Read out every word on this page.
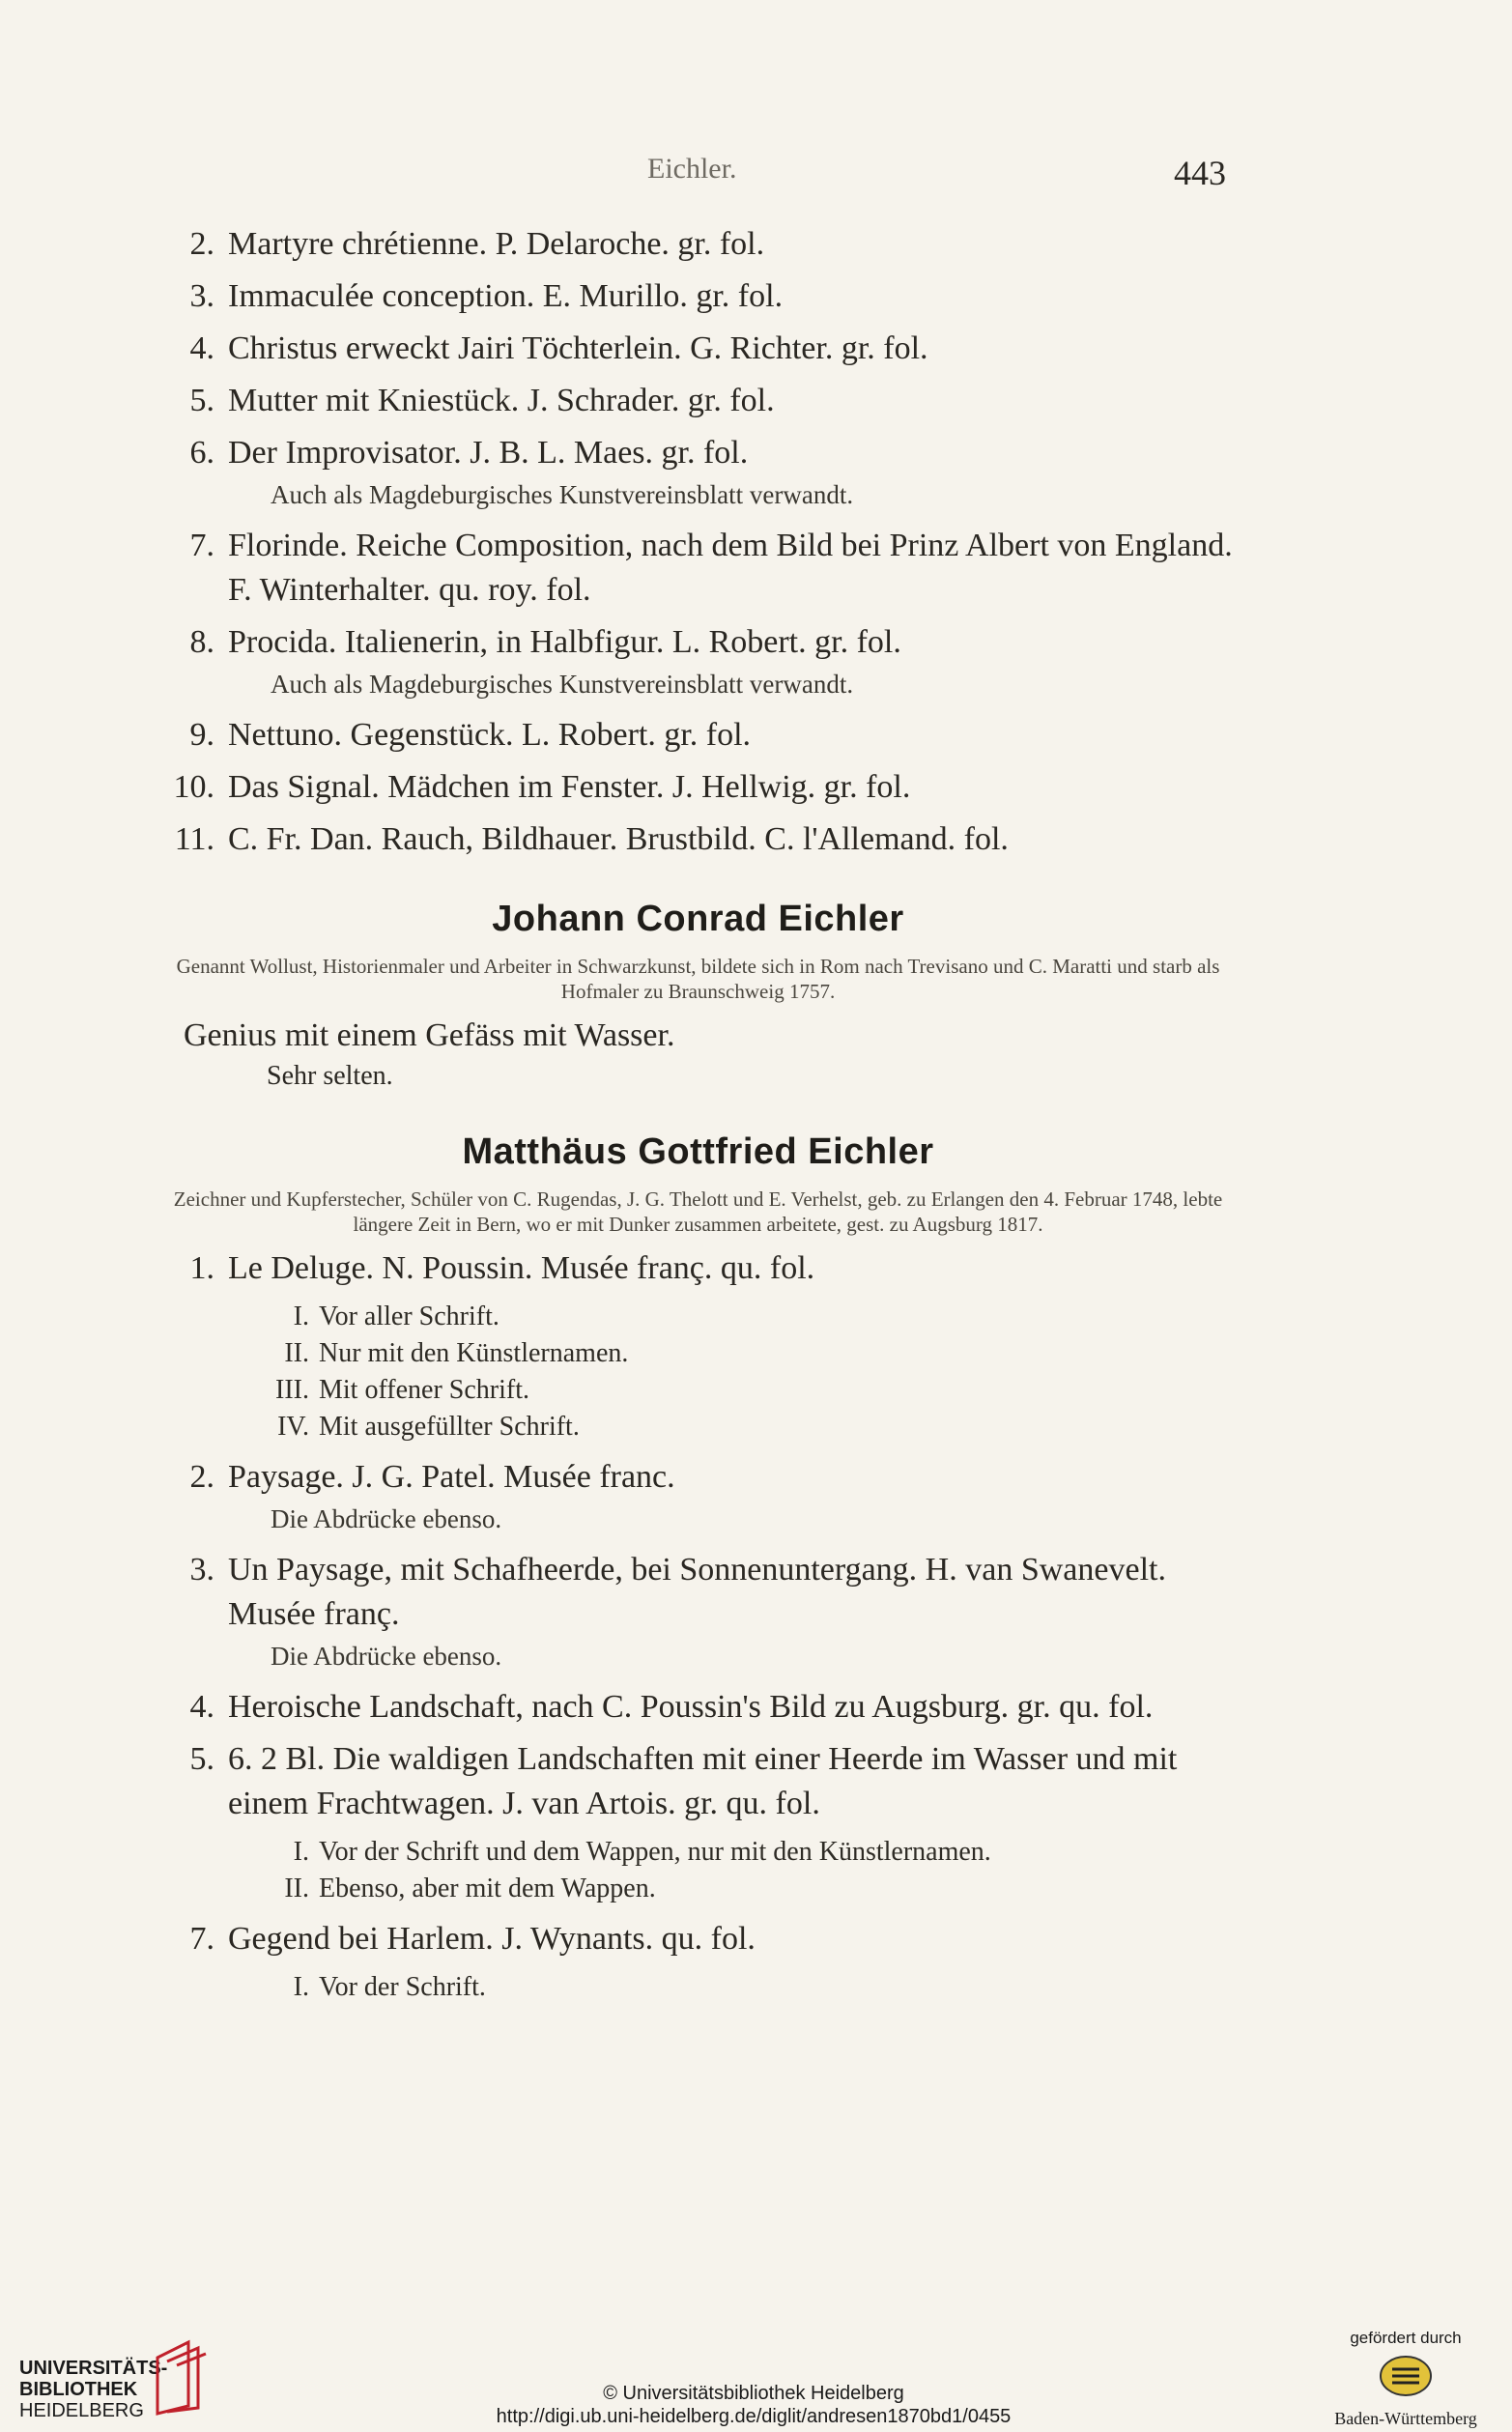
Eichler.	443
2. Martyre chrétienne. P. Delaroche. gr. fol.
3. Immaculée conception. E. Murillo. gr. fol.
4. Christus erweckt Jairi Töchterlein. G. Richter. gr. fol.
5. Mutter mit Kniestück. J. Schrader. gr. fol.
6. Der Improvisator. J. B. L. Maes. gr. fol.
Auch als Magdeburgisches Kunstvereinsblatt verwandt.
7. Florinde. Reiche Composition, nach dem Bild bei Prinz Albert von England. F. Winterhalter. qu. roy. fol.
8. Procida. Italienerin, in Halbfigur. L. Robert. gr. fol.
Auch als Magdeburgisches Kunstvereinsblatt verwandt.
9. Nettuno. Gegenstück. L. Robert. gr. fol.
10. Das Signal. Mädchen im Fenster. J. Hellwig. gr. fol.
11. C. Fr. Dan. Rauch, Bildhauer. Brustbild. C. l'Allemand. fol.
Johann Conrad Eichler
Genannt Wollust, Historienmaler und Arbeiter in Schwarzkunst, bildete sich in Rom nach Trevisano und C. Maratti und starb als Hofmaler zu Braunschweig 1757.
Genius mit einem Gefäss mit Wasser.
Sehr selten.
Matthäus Gottfried Eichler
Zeichner und Kupferstecher, Schüler von C. Rugendas, J. G. Thelott und E. Verhelst, geb. zu Erlangen den 4. Februar 1748, lebte längere Zeit in Bern, wo er mit Dunker zusammen arbeitete, gest. zu Augsburg 1817.
1. Le Deluge. N. Poussin. Musée franç. qu. fol.
I. Vor aller Schrift.
II. Nur mit den Künstlernamen.
III. Mit offener Schrift.
IV. Mit ausgefüllter Schrift.
2. Paysage. J. G. Patel. Musée franc.
Die Abdrücke ebenso.
3. Un Paysage, mit Schafheerde, bei Sonnenuntergang. H. van Swanevelt. Musée franç.
Die Abdrücke ebenso.
4. Heroische Landschaft, nach C. Poussin's Bild zu Augsburg. gr. qu. fol.
5. 6. 2 Bl. Die waldigen Landschaften mit einer Heerde im Wasser und mit einem Frachtwagen. J. van Artois. gr. qu. fol.
I. Vor der Schrift und dem Wappen, nur mit den Künstlernamen.
II. Ebenso, aber mit dem Wappen.
7. Gegend bei Harlem. J. Wynants. qu. fol.
I. Vor der Schrift.
UNIVERSITÄTS-
BIBLIOTHEK
HEIDELBERG
© Universitätsbibliothek Heidelberg
http://digi.ub.uni-heidelberg.de/diglit/andresen1870bd1/0455
gefördert durch
Baden-Württemberg
